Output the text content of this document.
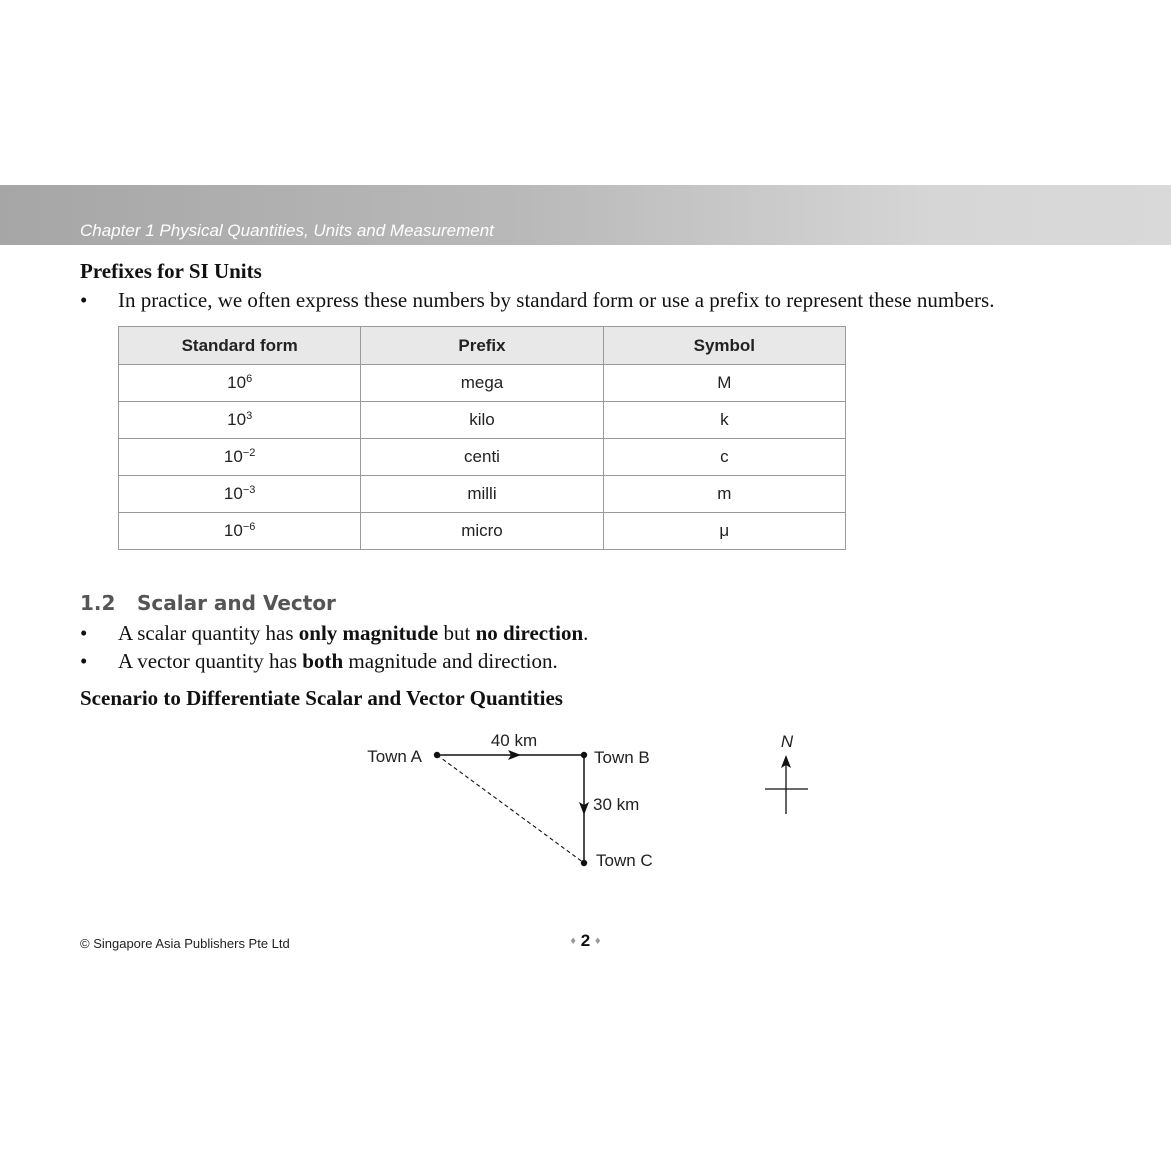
Chapter 1 Physical Quantities, Units and Measurement
Prefixes for SI Units
• In practice, we often express these numbers by standard form or use a prefix to represent these numbers.
Standard form	Prefix	Symbol
$10^6$	mega	M
$10^3$	kilo	k
$10^{-2}$	centi	c
$10^{-3}$	milli	m
$10^{-6}$	micro	μ
1.2 Scalar and Vector
• A scalar quantity has only magnitude but no direction.
• A vector quantity has both magnitude and direction.
Scenario to Differentiate Scalar and Vector Quantities
Town A	Town B
Town C
40 km
30 km
N
© Singapore Asia Publishers Pte Ltd	♦ 2 ♦
